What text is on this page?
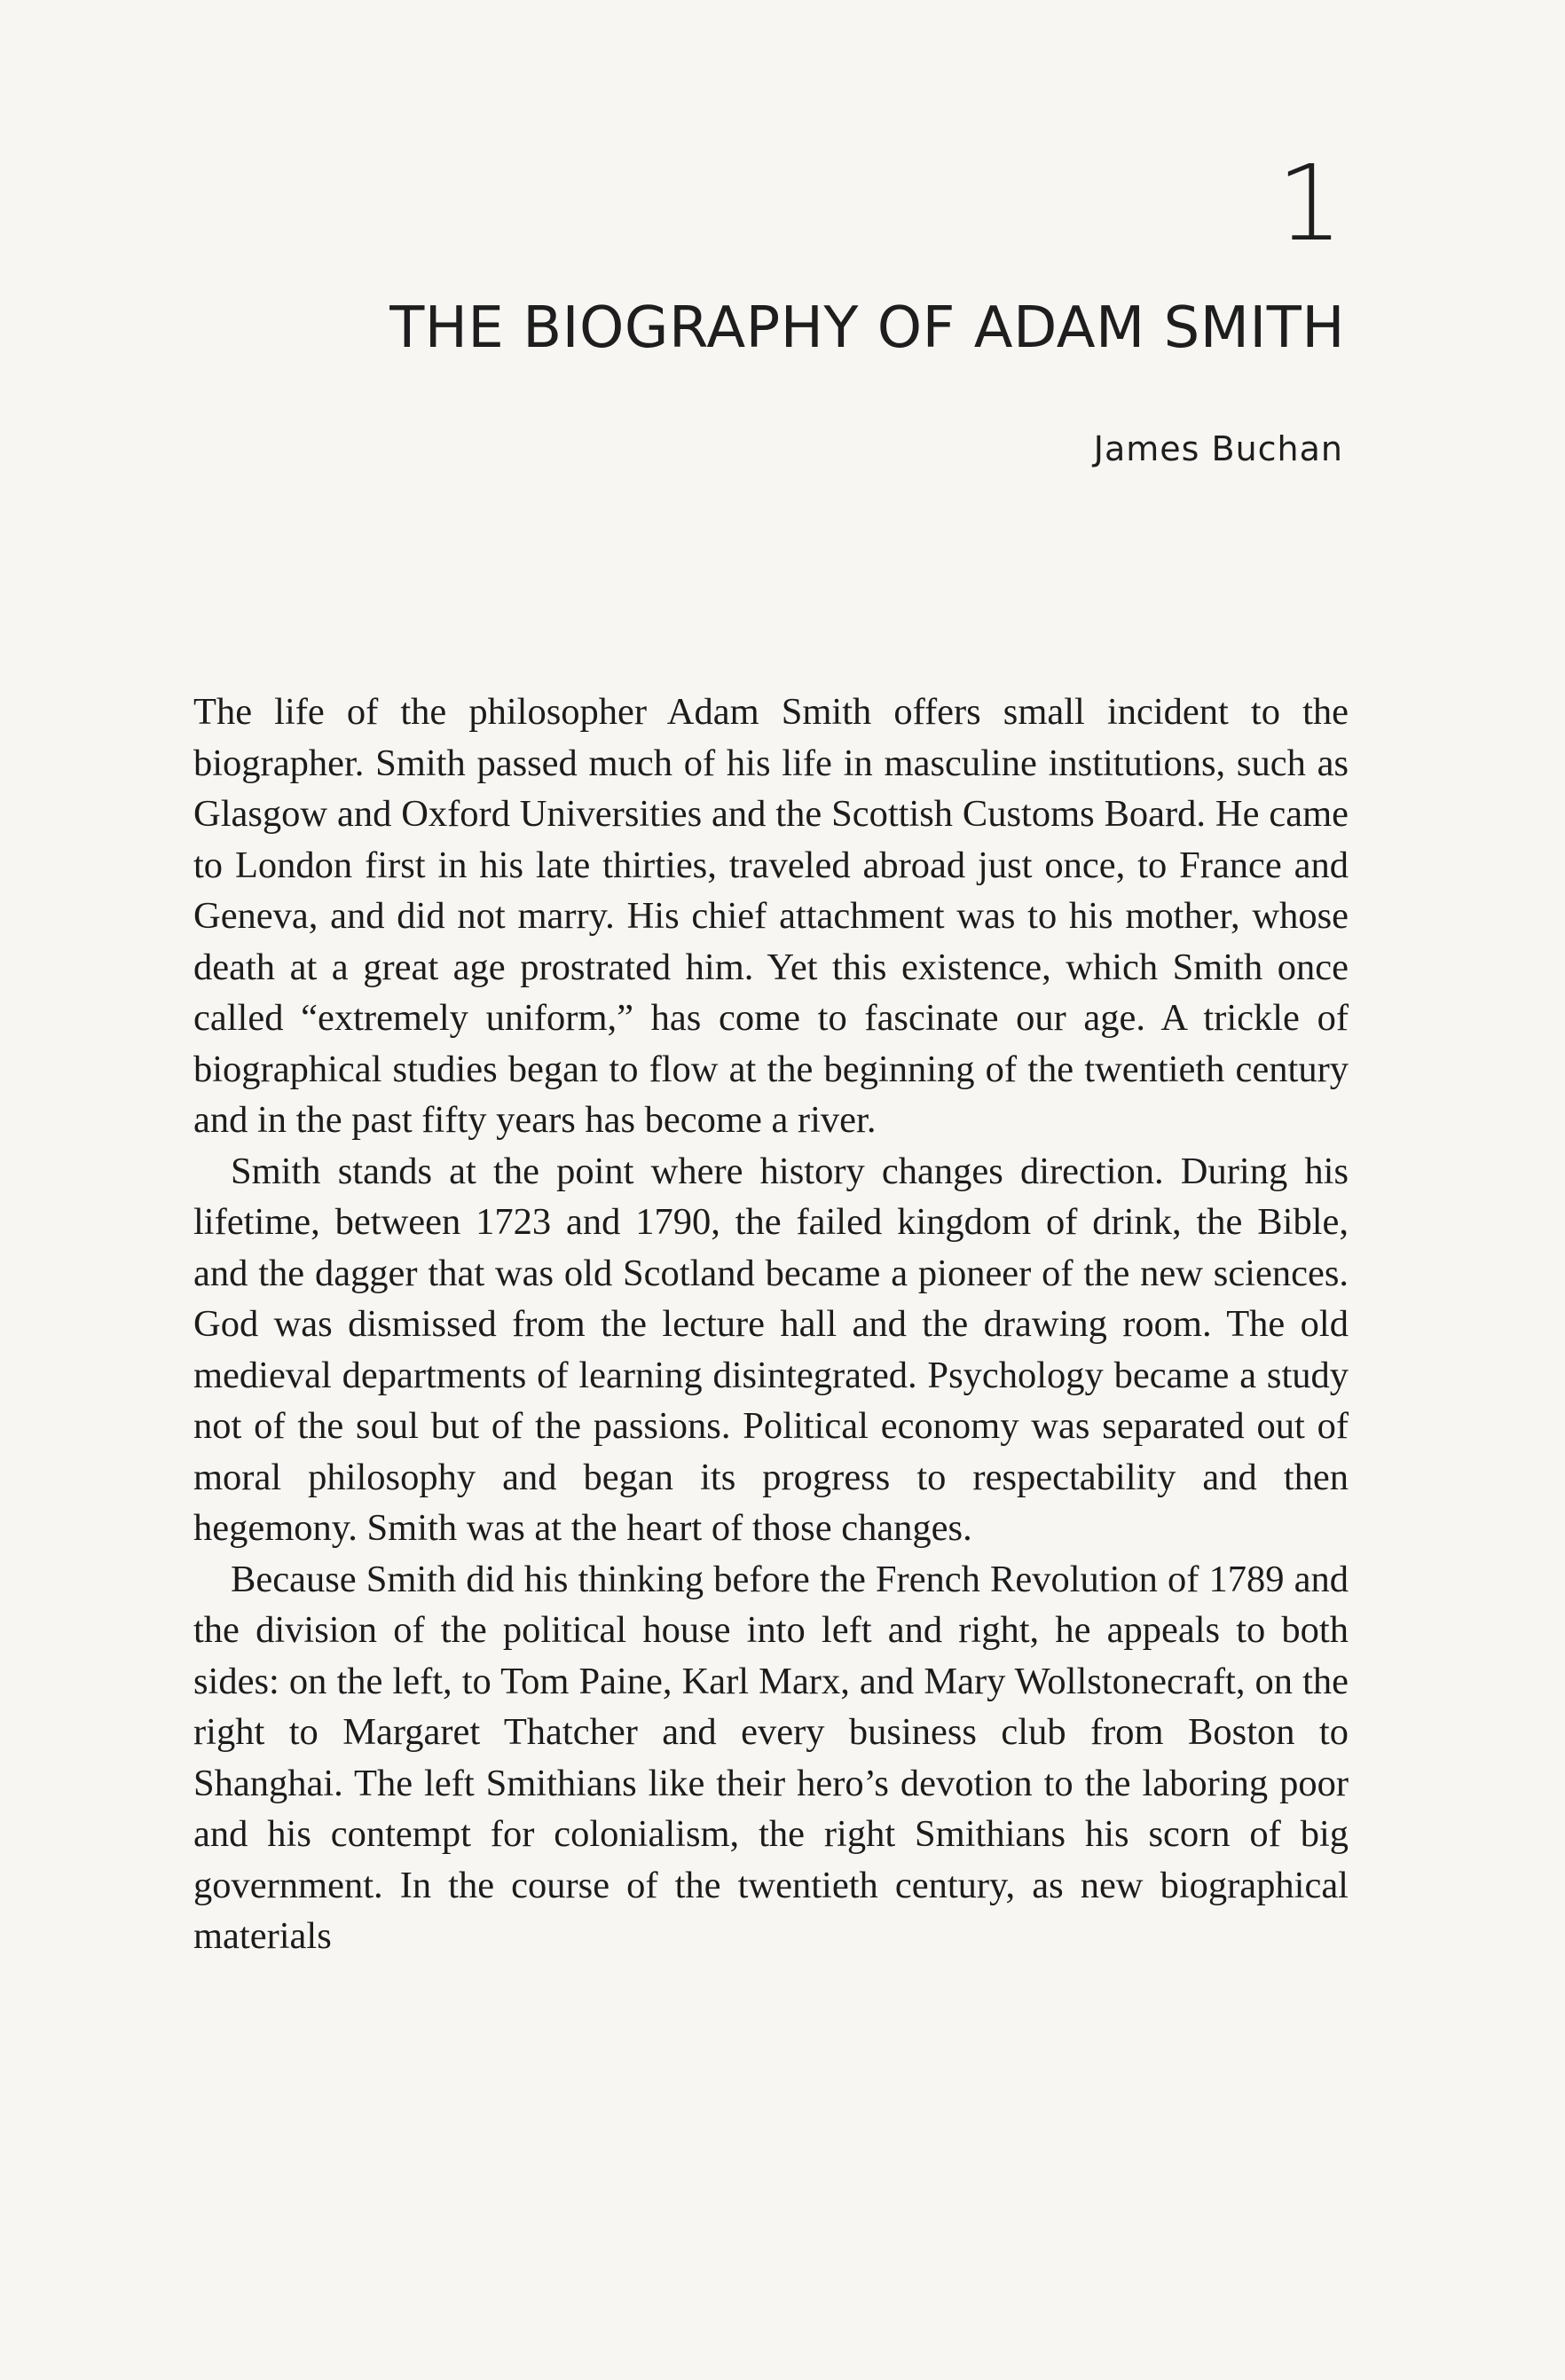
1
THE BIOGRAPHY OF ADAM SMITH
James Buchan

The life of the philosopher Adam Smith offers small incident to the biographer. Smith passed much of his life in masculine institutions, such as Glasgow and Oxford Universities and the Scottish Customs Board. He came to London first in his late thirties, traveled abroad just once, to France and Geneva, and did not marry. His chief attachment was to his mother, whose death at a great age prostrated him. Yet this existence, which Smith once called “extremely uniform,” has come to fascinate our age. A trickle of biographical studies began to flow at the beginning of the twentieth century and in the past fifty years has become a river.

Smith stands at the point where history changes direction. During his lifetime, between 1723 and 1790, the failed kingdom of drink, the Bible, and the dagger that was old Scotland became a pioneer of the new sciences. God was dismissed from the lecture hall and the drawing room. The old medieval departments of learning disintegrated. Psychology became a study not of the soul but of the passions. Political economy was separated out of moral philosophy and began its progress to respectability and then hegemony. Smith was at the heart of those changes.

Because Smith did his thinking before the French Revolution of 1789 and the division of the political house into left and right, he appeals to both sides: on the left, to Tom Paine, Karl Marx, and Mary Wollstonecraft, on the right to Margaret Thatcher and every business club from Boston to Shanghai. The left Smithians like their hero’s devotion to the laboring poor and his contempt for colonialism, the right Smithians his scorn of big government. In the course of the twentieth century, as new biographical materials
